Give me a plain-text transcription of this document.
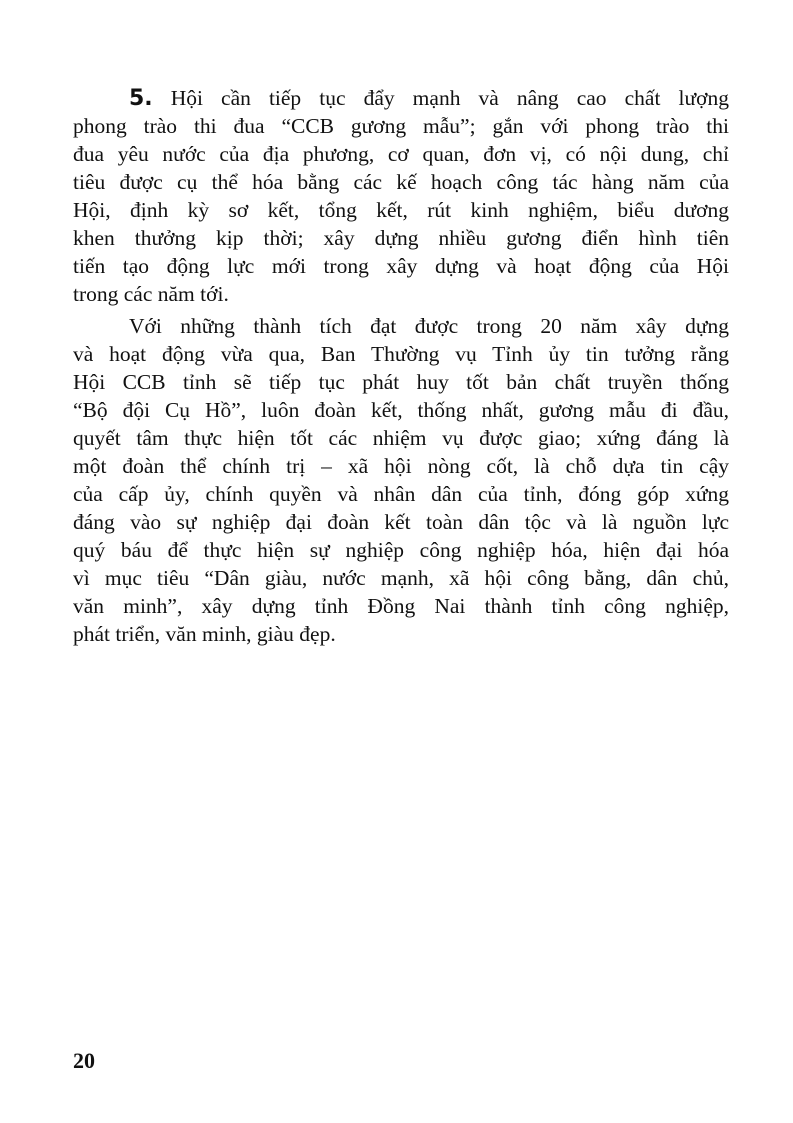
5. Hội cần tiếp tục đẩy mạnh và nâng cao chất lượng
phong trào thi đua “CCB gương mẫu”; gắn với phong trào thi
đua yêu nước của địa phương, cơ quan, đơn vị, có nội dung, chỉ
tiêu được cụ thể hóa bằng các kế hoạch công tác hàng năm của
Hội, định kỳ sơ kết, tổng kết, rút kinh nghiệm, biểu dương
khen thưởng kịp thời; xây dựng nhiều gương điển hình tiên
tiến tạo động lực mới trong xây dựng và hoạt động của Hội
trong các năm tới.
Với những thành tích đạt được trong 20 năm xây dựng
và hoạt động vừa qua, Ban Thường vụ Tỉnh ủy tin tưởng rằng
Hội CCB tỉnh sẽ tiếp tục phát huy tốt bản chất truyền thống
“Bộ đội Cụ Hồ”, luôn đoàn kết, thống nhất, gương mẫu đi đầu,
quyết tâm thực hiện tốt các nhiệm vụ được giao; xứng đáng là
một đoàn thể chính trị – xã hội nòng cốt, là chỗ dựa tin cậy
của cấp ủy, chính quyền và nhân dân của tỉnh, đóng góp xứng
đáng vào sự nghiệp đại đoàn kết toàn dân tộc và là nguồn lực
quý báu để thực hiện sự nghiệp công nghiệp hóa, hiện đại hóa
vì mục tiêu “Dân giàu, nước mạnh, xã hội công bằng, dân chủ,
văn minh”, xây dựng tỉnh Đồng Nai thành tỉnh công nghiệp,
phát triển, văn minh, giàu đẹp.
20
